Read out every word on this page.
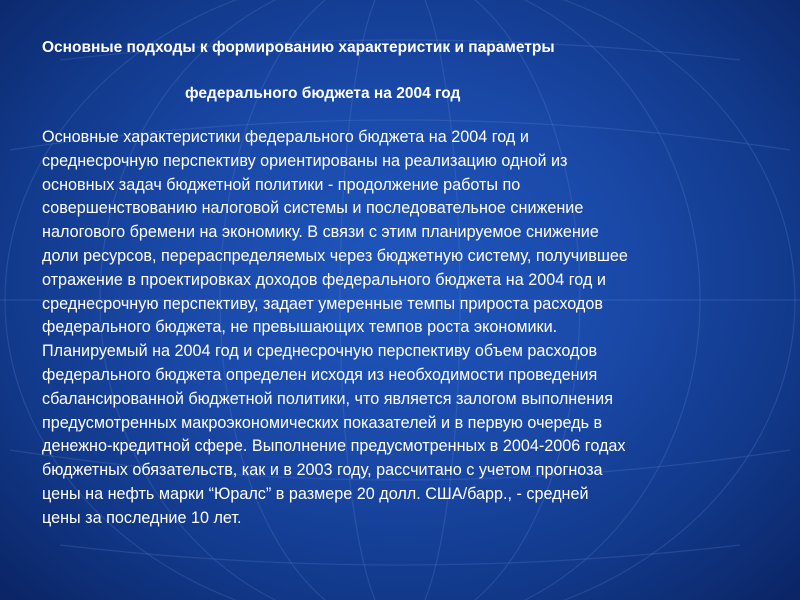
Основные подходы к формированию характеристик и параметры

федерального бюджета на 2004 год

Основные характеристики федерального бюджета на 2004 год и
среднесрочную перспективу ориентированы на реализацию одной из
основных задач бюджетной политики - продолжение работы по
совершенствованию налоговой системы и последовательное снижение
налогового бремени на экономику. В связи с этим планируемое снижение
доли ресурсов, перераспределяемых через бюджетную систему, получившее
отражение в проектировках доходов федерального бюджета на 2004 год и
среднесрочную перспективу, задает умеренные темпы прироста расходов
федерального бюджета, не превышающих темпов роста экономики.
Планируемый на 2004 год и среднесрочную перспективу объем расходов
федерального бюджета определен исходя из необходимости проведения
сбалансированной бюджетной политики, что является залогом выполнения
предусмотренных макроэкономических показателей и в первую очередь в
денежно-кредитной сфере. Выполнение предусмотренных в 2004-2006 годах
бюджетных обязательств, как и в 2003 году, рассчитано с учетом прогноза
цены на нефть марки “Юралс” в размере 20 долл. США/барр., - средней
цены за последние 10 лет.
